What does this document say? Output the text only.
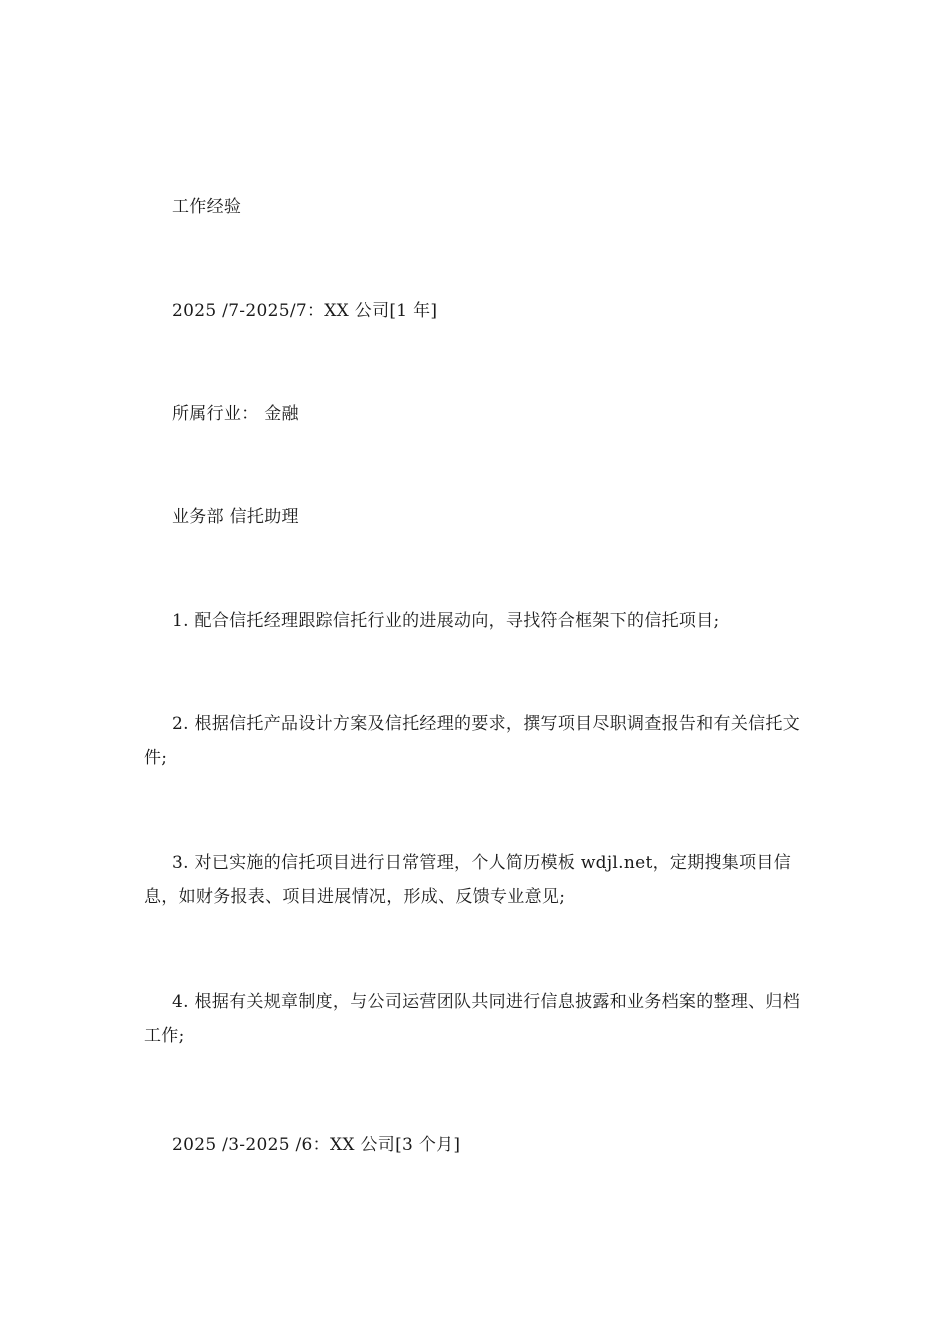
工作经验

2025 /7-2025/7：XX 公司[1 年]

所属行业： 金融

业务部 信托助理

1. 配合信托经理跟踪信托行业的进展动向，寻找符合框架下的信托项目;

2. 根据信托产品设计方案及信托经理的要求，撰写项目尽职调查报告和有关信托文件;

3. 对已实施的信托项目进行日常管理，个人简历模板 wdjl.net，定期搜集项目信息，如财务报表、项目进展情况，形成、反馈专业意见;

4. 根据有关规章制度，与公司运营团队共同进行信息披露和业务档案的整理、归档工作;

2025 /3-2025 /6：XX 公司[3 个月]
